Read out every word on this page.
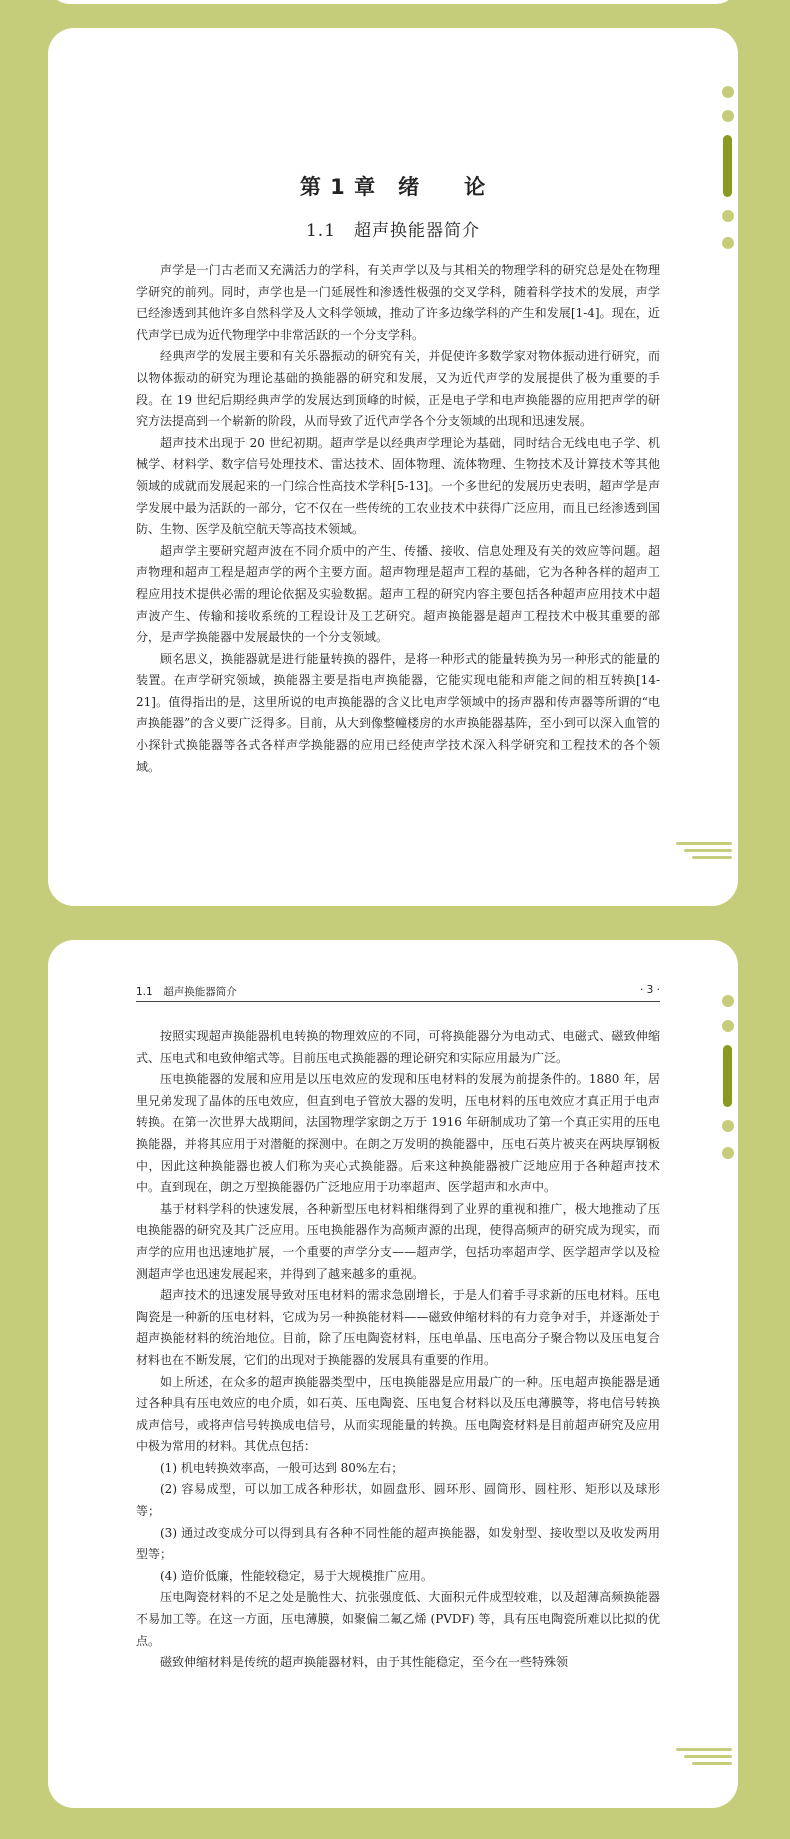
第 1 章　绪　　论
1.1　超声换能器简介

声学是一门古老而又充满活力的学科，有关声学以及与其相关的物理学科的研究总是处在物理学研究的前列。同时，声学也是一门延展性和渗透性极强的交叉学科，随着科学技术的发展，声学已经渗透到其他许多自然科学及人文科学领域，推动了许多边缘学科的产生和发展[1-4]。现在，近代声学已成为近代物理学中非常活跃的一个分支学科。

经典声学的发展主要和有关乐器振动的研究有关，并促使许多数学家对物体振动进行研究，而以物体振动的研究为理论基础的换能器的研究和发展，又为近代声学的发展提供了极为重要的手段。在 19 世纪后期经典声学的发展达到顶峰的时候，正是电子学和电声换能器的应用把声学的研究方法提高到一个崭新的阶段，从而导致了近代声学各个分支领域的出现和迅速发展。

超声技术出现于 20 世纪初期。超声学是以经典声学理论为基础，同时结合无线电电子学、机械学、材料学、数字信号处理技术、雷达技术、固体物理、流体物理、生物技术及计算技术等其他领域的成就而发展起来的一门综合性高技术学科[5-13]。一个多世纪的发展历史表明，超声学是声学发展中最为活跃的一部分，它不仅在一些传统的工农业技术中获得广泛应用，而且已经渗透到国防、生物、医学及航空航天等高技术领域。

超声学主要研究超声波在不同介质中的产生、传播、接收、信息处理及有关的效应等问题。超声物理和超声工程是超声学的两个主要方面。超声物理是超声工程的基础，它为各种各样的超声工程应用技术提供必需的理论依据及实验数据。超声工程的研究内容主要包括各种超声应用技术中超声波产生、传输和接收系统的工程设计及工艺研究。超声换能器是超声工程技术中极其重要的部分，是声学换能器中发展最快的一个分支领域。

顾名思义，换能器就是进行能量转换的器件，是将一种形式的能量转换为另一种形式的能量的装置。在声学研究领域，换能器主要是指电声换能器，它能实现电能和声能之间的相互转换[14-21]。值得指出的是，这里所说的电声换能器的含义比电声学领域中的扬声器和传声器等所谓的“电声换能器”的含义要广泛得多。目前，从大到像整幢楼房的水声换能器基阵，至小到可以深入血管的小探针式换能器等各式各样声学换能器的应用已经使声学技术深入科学研究和工程技术的各个领域。

1.1　超声换能器简介	· 3 ·

按照实现超声换能器机电转换的物理效应的不同，可将换能器分为电动式、电磁式、磁致伸缩式、压电式和电致伸缩式等。目前压电式换能器的理论研究和实际应用最为广泛。

压电换能器的发展和应用是以压电效应的发现和压电材料的发展为前提条件的。1880 年，居里兄弟发现了晶体的压电效应，但直到电子管放大器的发明，压电材料的压电效应才真正用于电声转换。在第一次世界大战期间，法国物理学家朗之万于 1916 年研制成功了第一个真正实用的压电换能器，并将其应用于对潜艇的探测中。在朗之万发明的换能器中，压电石英片被夹在两块厚钢板中，因此这种换能器也被人们称为夹心式换能器。后来这种换能器被广泛地应用于各种超声技术中。直到现在，朗之万型换能器仍广泛地应用于功率超声、医学超声和水声中。

基于材料学科的快速发展，各种新型压电材料相继得到了业界的重视和推广，极大地推动了压电换能器的研究及其广泛应用。压电换能器作为高频声源的出现，使得高频声的研究成为现实，而声学的应用也迅速地扩展，一个重要的声学分支——超声学，包括功率超声学、医学超声学以及检测超声学也迅速发展起来，并得到了越来越多的重视。

超声技术的迅速发展导致对压电材料的需求急剧增长，于是人们着手寻求新的压电材料。压电陶瓷是一种新的压电材料，它成为另一种换能材料——磁致伸缩材料的有力竞争对手，并逐渐处于超声换能材料的统治地位。目前，除了压电陶瓷材料，压电单晶、压电高分子聚合物以及压电复合材料也在不断发展，它们的出现对于换能器的发展具有重要的作用。

如上所述，在众多的超声换能器类型中，压电换能器是应用最广的一种。压电超声换能器是通过各种具有压电效应的电介质，如石英、压电陶瓷、压电复合材料以及压电薄膜等，将电信号转换成声信号，或将声信号转换成电信号，从而实现能量的转换。压电陶瓷材料是目前超声研究及应用中极为常用的材料。其优点包括：

(1) 机电转换效率高，一般可达到 80%左右；

(2) 容易成型，可以加工成各种形状，如圆盘形、圆环形、圆筒形、圆柱形、矩形以及球形等；

(3) 通过改变成分可以得到具有各种不同性能的超声换能器，如发射型、接收型以及收发两用型等；

(4) 造价低廉，性能较稳定，易于大规模推广应用。

压电陶瓷材料的不足之处是脆性大、抗张强度低、大面积元件成型较难，以及超薄高频换能器不易加工等。在这一方面，压电薄膜，如聚偏二氟乙烯 (PVDF) 等，具有压电陶瓷所难以比拟的优点。

磁致伸缩材料是传统的超声换能器材料，由于其性能稳定，至今在一些特殊领
